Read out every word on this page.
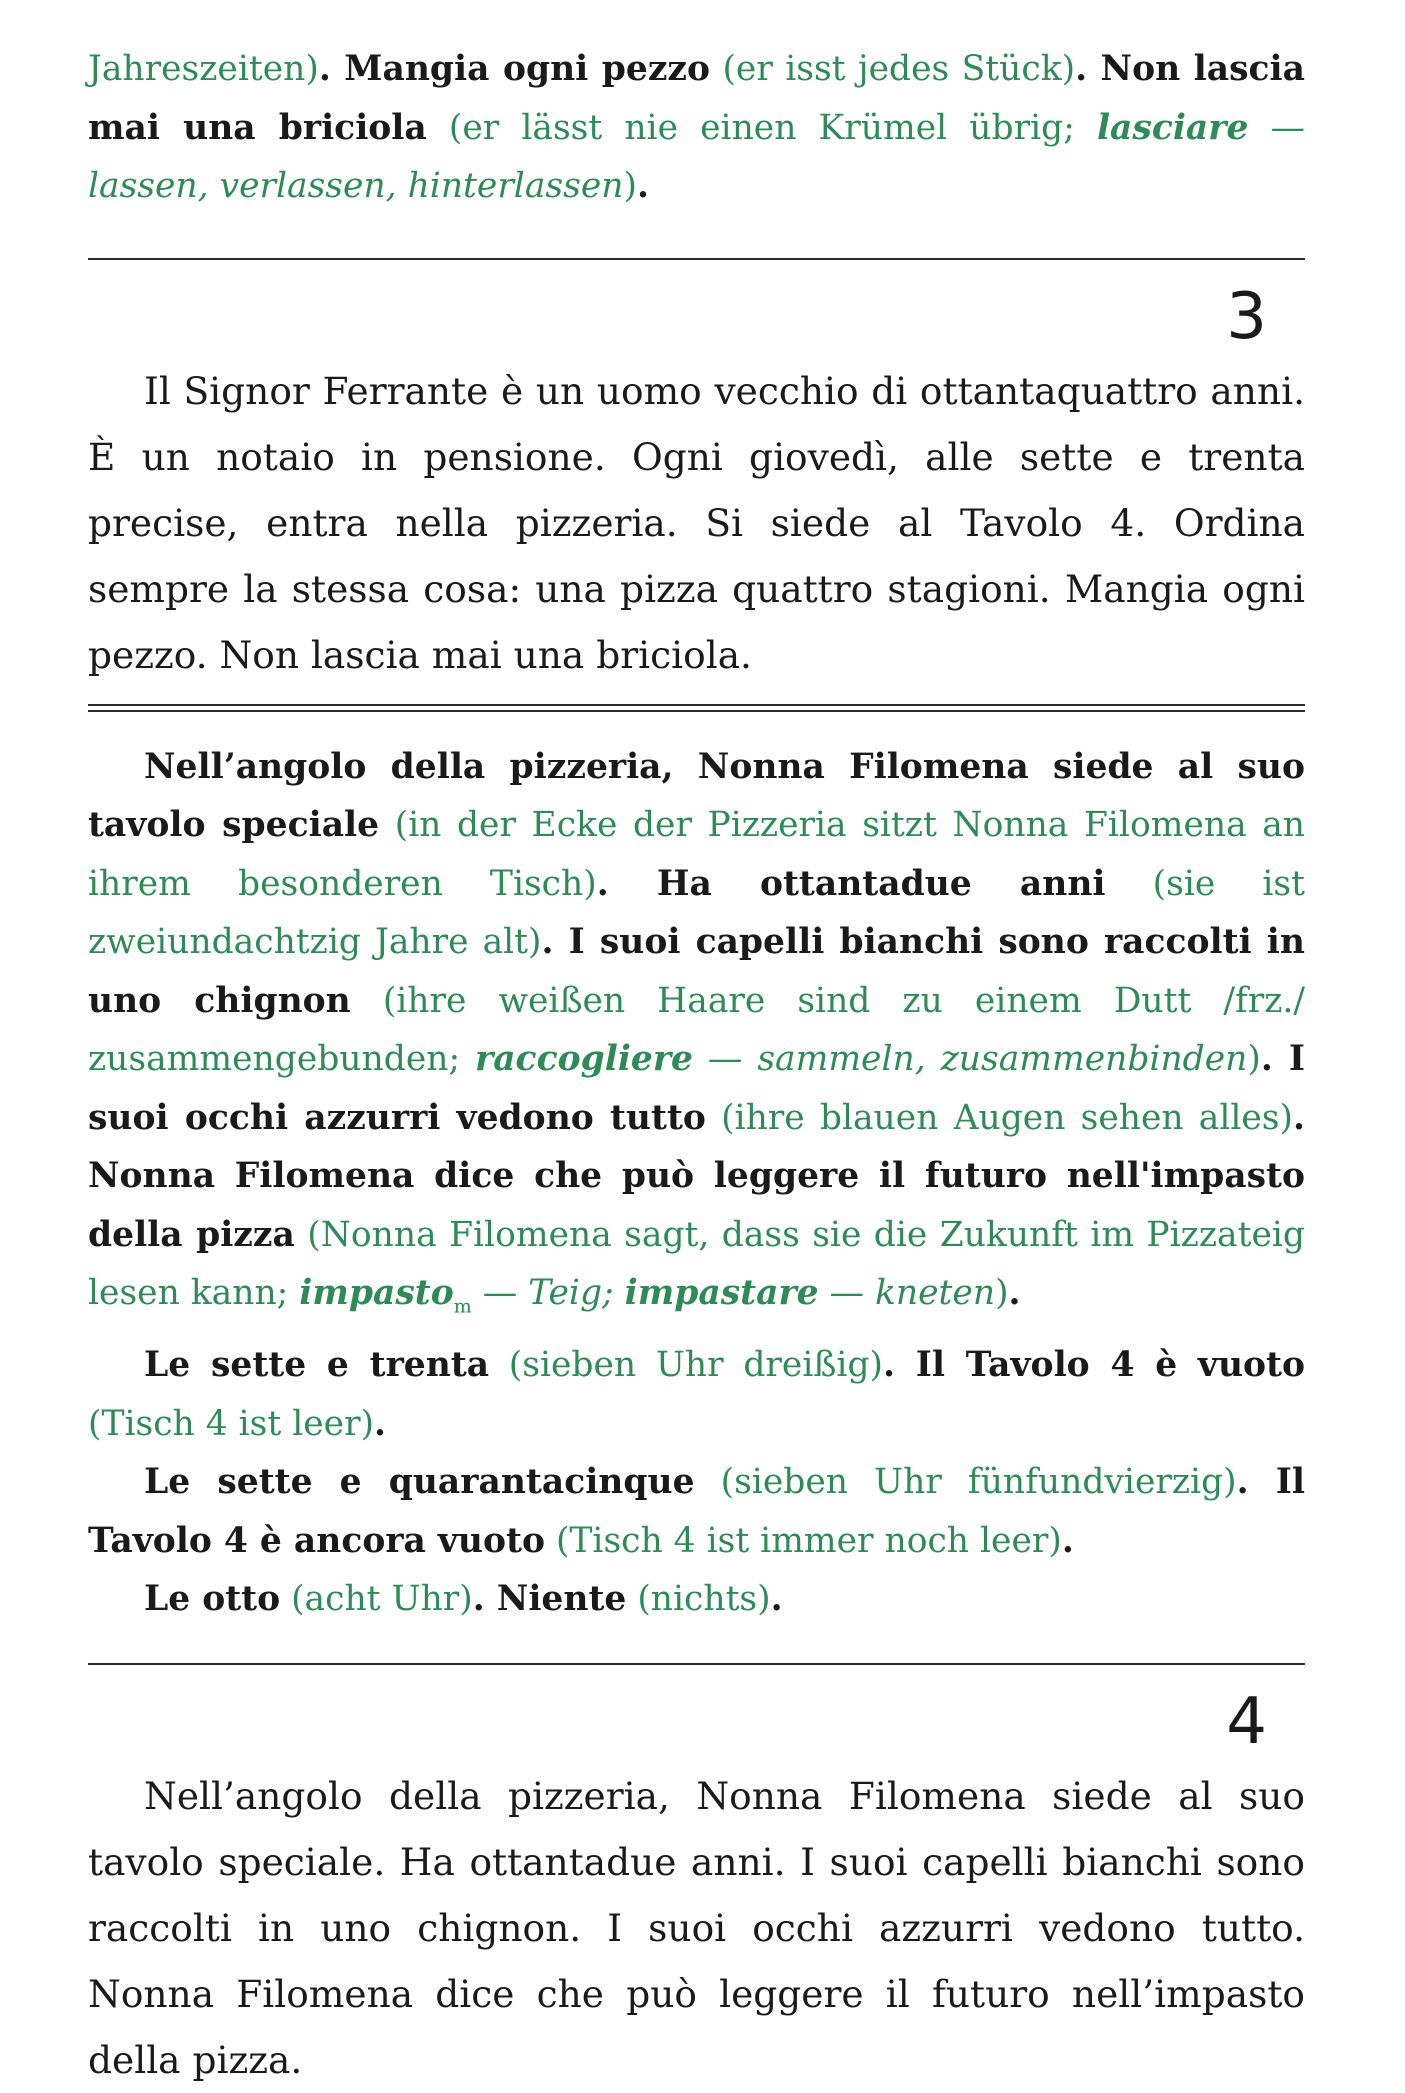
Jahreszeiten). Mangia ogni pezzo (er isst jedes Stück). Non lascia mai una briciola (er lässt nie einen Krümel übrig; lasciare — lassen, verlassen, hinterlassen).

3

Il Signor Ferrante è un uomo vecchio di ottantaquattro anni. È un notaio in pensione. Ogni giovedì, alle sette e trenta precise, entra nella pizzeria. Si siede al Tavolo 4. Ordina sempre la stessa cosa: una pizza quattro stagioni. Mangia ogni pezzo. Non lascia mai una briciola.

Nell’angolo della pizzeria, Nonna Filomena siede al suo tavolo speciale (in der Ecke der Pizzeria sitzt Nonna Filomena an ihrem besonderen Tisch). Ha ottantadue anni (sie ist zweiundachtzig Jahre alt). I suoi capelli bianchi sono raccolti in uno chignon (ihre weißen Haare sind zu einem Dutt /frz./ zusammengebunden; raccogliere — sammeln, zusammenbinden). I suoi occhi azzurri vedono tutto (ihre blauen Augen sehen alles). Nonna Filomena dice che può leggere il futuro nell'impasto della pizza (Nonna Filomena sagt, dass sie die Zukunft im Pizzateig lesen kann; impasto$_m$ — Teig; impastare — kneten).

Le sette e trenta (sieben Uhr dreißig). Il Tavolo 4 è vuoto (Tisch 4 ist leer).

Le sette e quarantacinque (sieben Uhr fünfundvierzig). Il Tavolo 4 è ancora vuoto (Tisch 4 ist immer noch leer).

Le otto (acht Uhr). Niente (nichts).

4

Nell’angolo della pizzeria, Nonna Filomena siede al suo tavolo speciale. Ha ottantadue anni. I suoi capelli bianchi sono raccolti in uno chignon. I suoi occhi azzurri vedono tutto. Nonna Filomena dice che può leggere il futuro nell’impasto della pizza.
